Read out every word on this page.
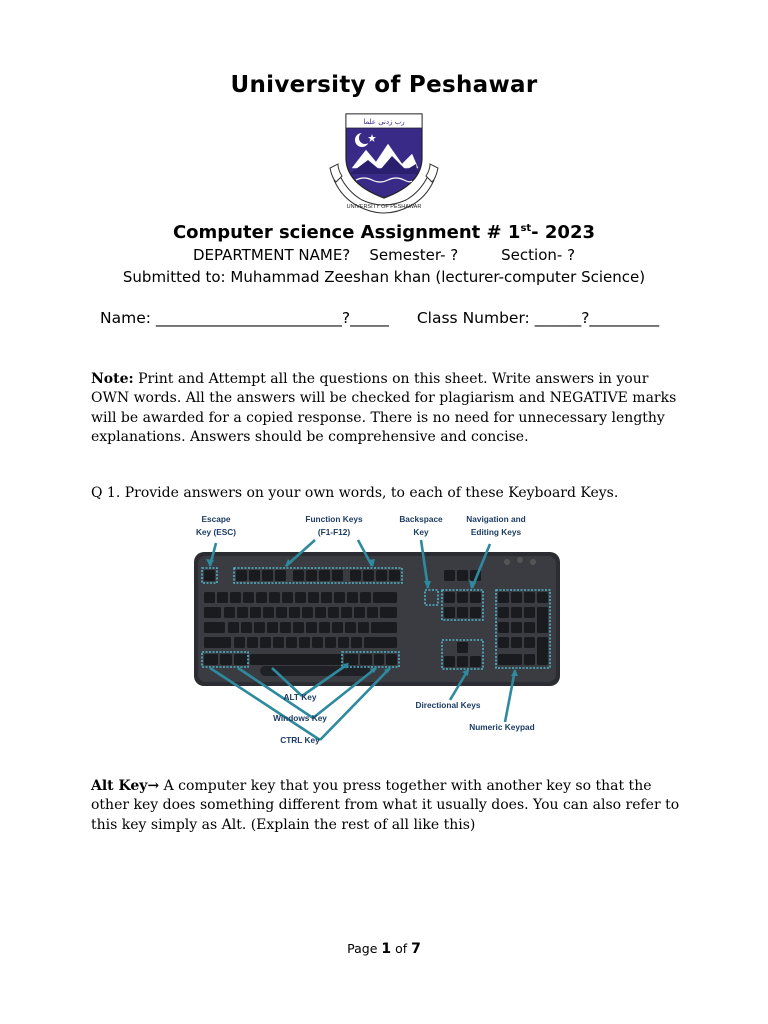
University of Peshawar
UNIVERSITY OF PESHAWAR
رب زدنی علما
Computer science Assignment # 1st- 2023
DEPARTMENT NAME? Semester- ?	Section- ?
Submitted to: Muhammad Zeeshan khan (lecturer-computer Science)
Name: ________________________?_____ Class Number: ______?_________
Note: Print and Attempt all the questions on this sheet. Write answers in your OWN words. All the answers will be checked for plagiarism and NEGATIVE marks will be awarded for a copied response. There is no need for unnecessary lengthy explanations. Answers should be comprehensive and concise.
Q 1. Provide answers on your own words, to each of these Keyboard Keys.
Escape
Key (ESC)
Function Keys
(F1-F12)
Backspace
Key
Navigation and
Editing Keys
ALT Key
Windows Key
CTRL Key
Directional Keys
Numeric Keypad
Alt Key→ A computer key that you press together with another key so that the other key does something different from what it usually does. You can also refer to this key simply as Alt. (Explain the rest of all like this)
Page 1 of 7
